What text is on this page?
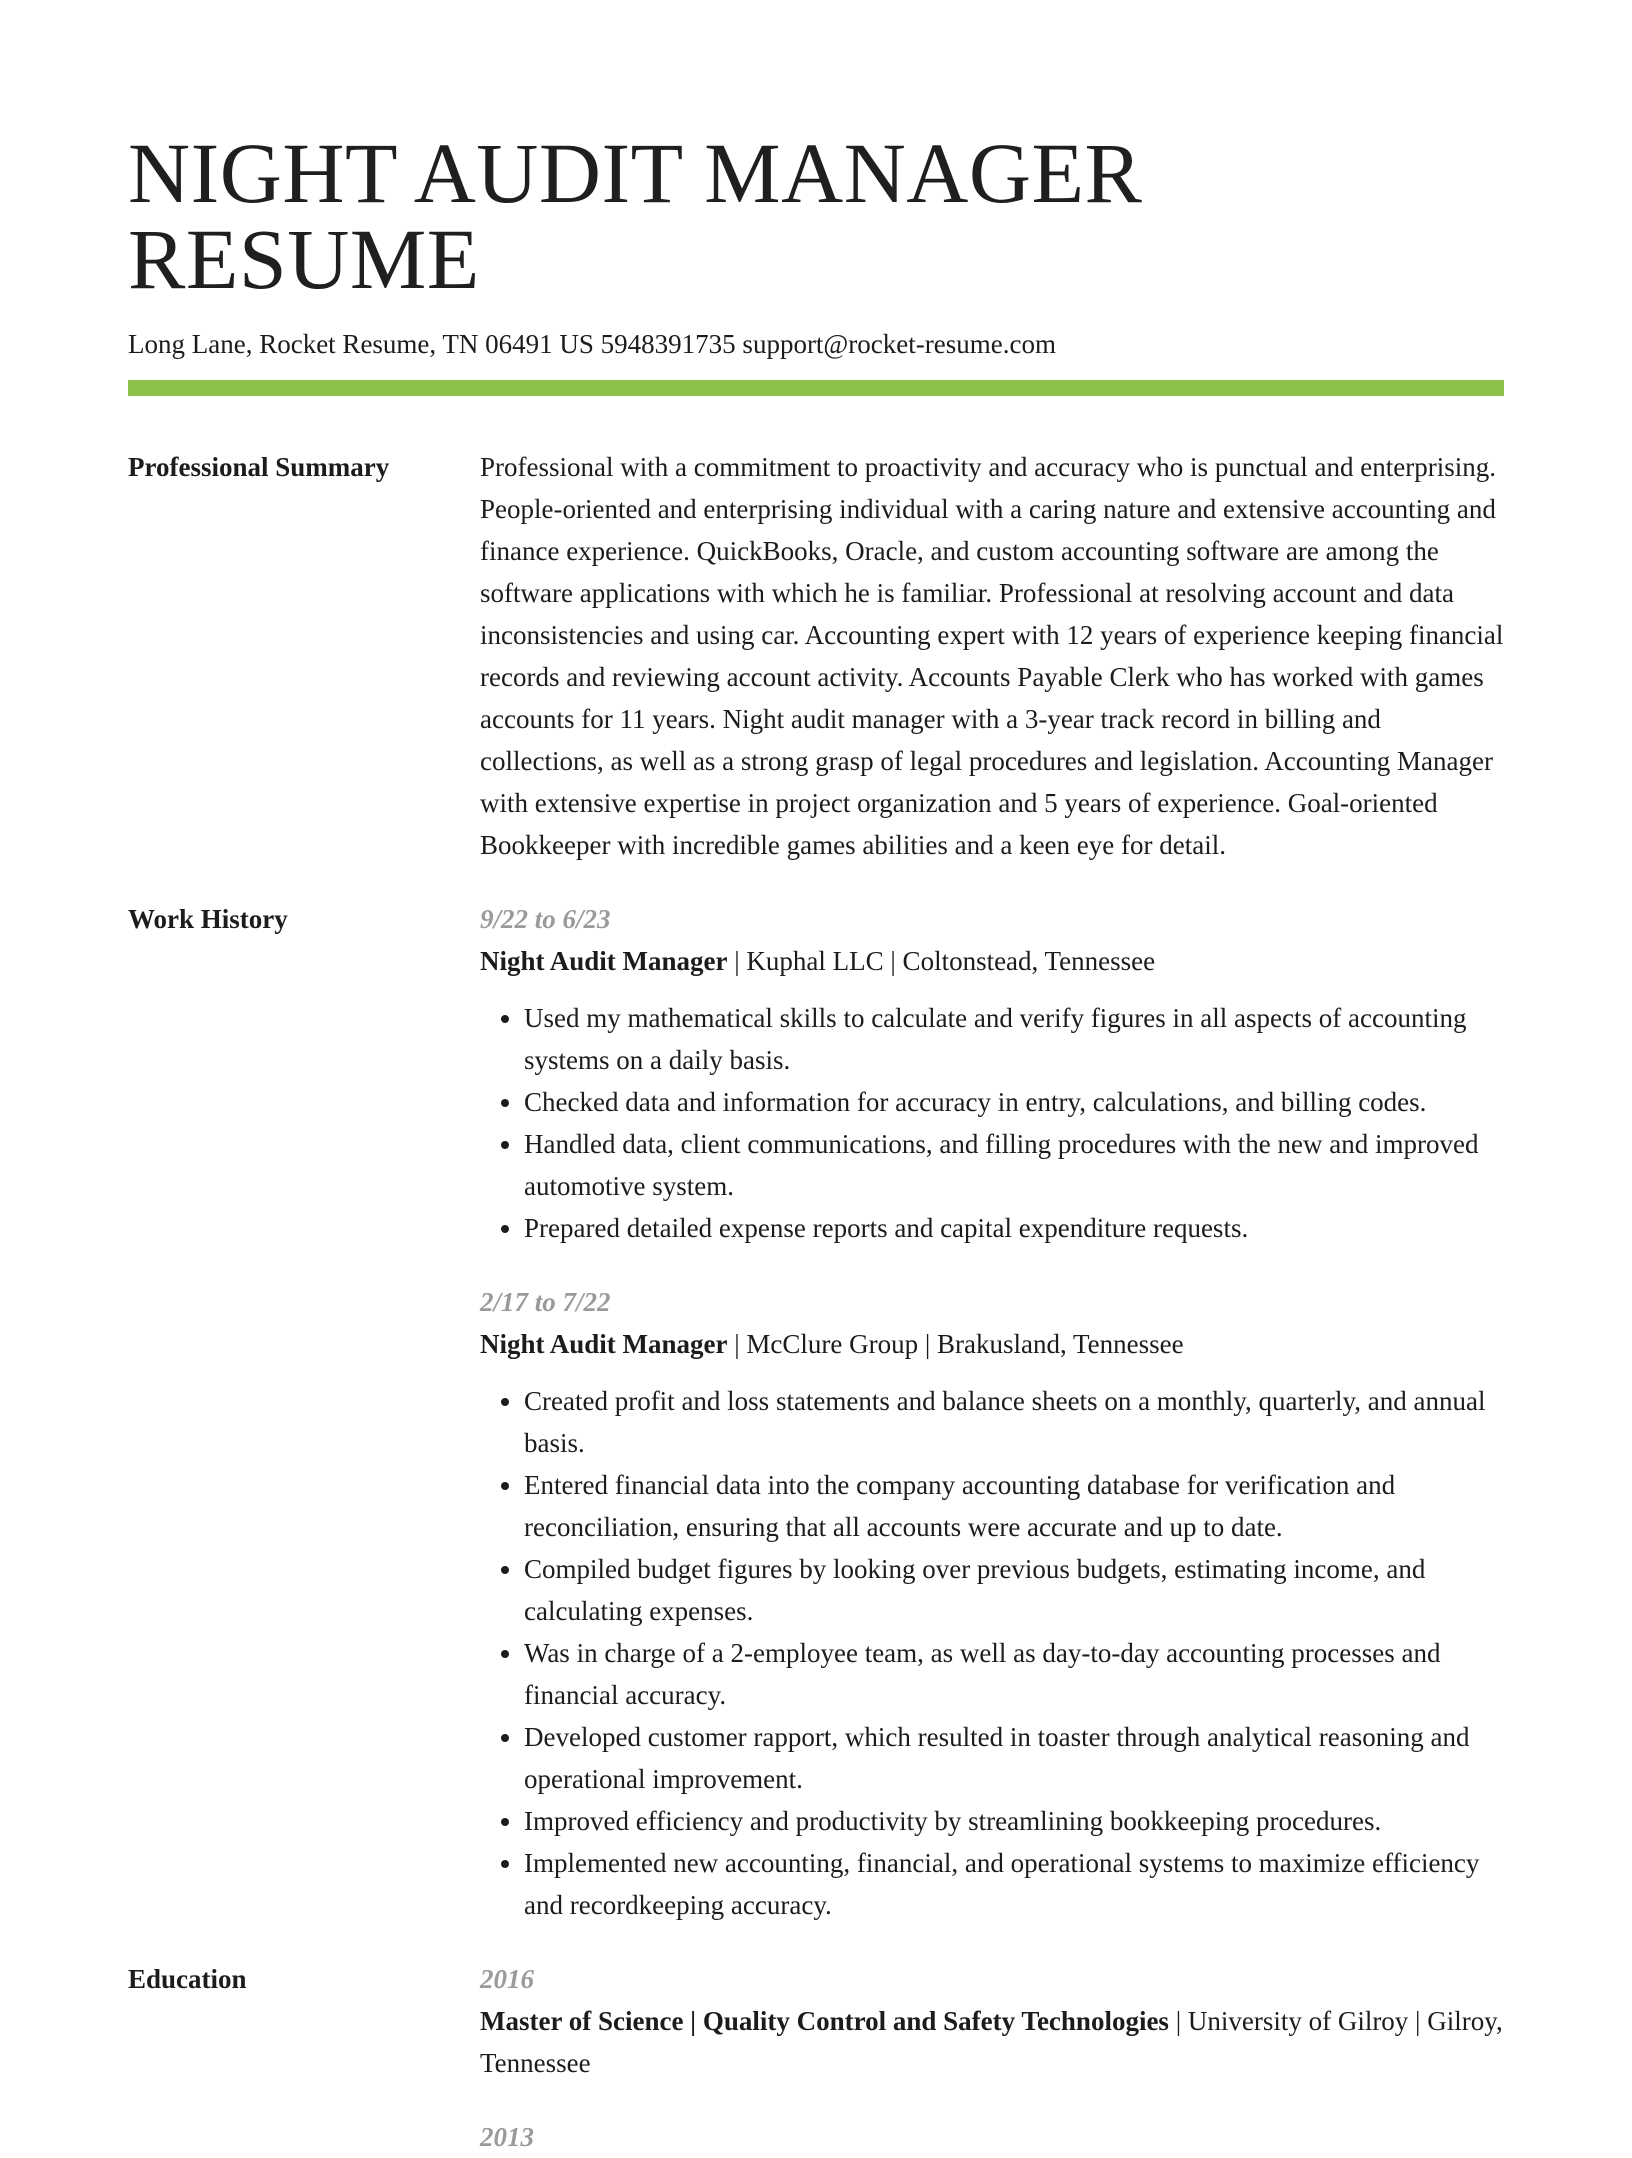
NIGHT AUDIT MANAGER RESUME
Long Lane, Rocket Resume, TN 06491 US 5948391735 support@rocket-resume.com
Professional Summary	Professional with a commitment to proactivity and accuracy who is punctual and enterprising. People-oriented and enterprising individual with a caring nature and extensive accounting and finance experience. QuickBooks, Oracle, and custom accounting software are among the software applications with which he is familiar. Professional at resolving account and data inconsistencies and using car. Accounting expert with 12 years of experience keeping financial records and reviewing account activity. Accounts Payable Clerk who has worked with games accounts for 11 years. Night audit manager with a 3-year track record in billing and collections, as well as a strong grasp of legal procedures and legislation. Accounting Manager with extensive expertise in project organization and 5 years of experience. Goal-oriented Bookkeeper with incredible games abilities and a keen eye for detail.
Work History	9/22 to 6/23
Night Audit Manager | Kuphal LLC | Coltonstead, Tennessee
• Used my mathematical skills to calculate and verify figures in all aspects of accounting systems on a daily basis.
• Checked data and information for accuracy in entry, calculations, and billing codes.
• Handled data, client communications, and filling procedures with the new and improved automotive system.
• Prepared detailed expense reports and capital expenditure requests.
2/17 to 7/22
Night Audit Manager | McClure Group | Brakusland, Tennessee
• Created profit and loss statements and balance sheets on a monthly, quarterly, and annual basis.
• Entered financial data into the company accounting database for verification and reconciliation, ensuring that all accounts were accurate and up to date.
• Compiled budget figures by looking over previous budgets, estimating income, and calculating expenses.
• Was in charge of a 2-employee team, as well as day-to-day accounting processes and financial accuracy.
• Developed customer rapport, which resulted in toaster through analytical reasoning and operational improvement.
• Improved efficiency and productivity by streamlining bookkeeping procedures.
• Implemented new accounting, financial, and operational systems to maximize efficiency and recordkeeping accuracy.
Education	2016
Master of Science | Quality Control and Safety Technologies | University of Gilroy | Gilroy, Tennessee
2013
